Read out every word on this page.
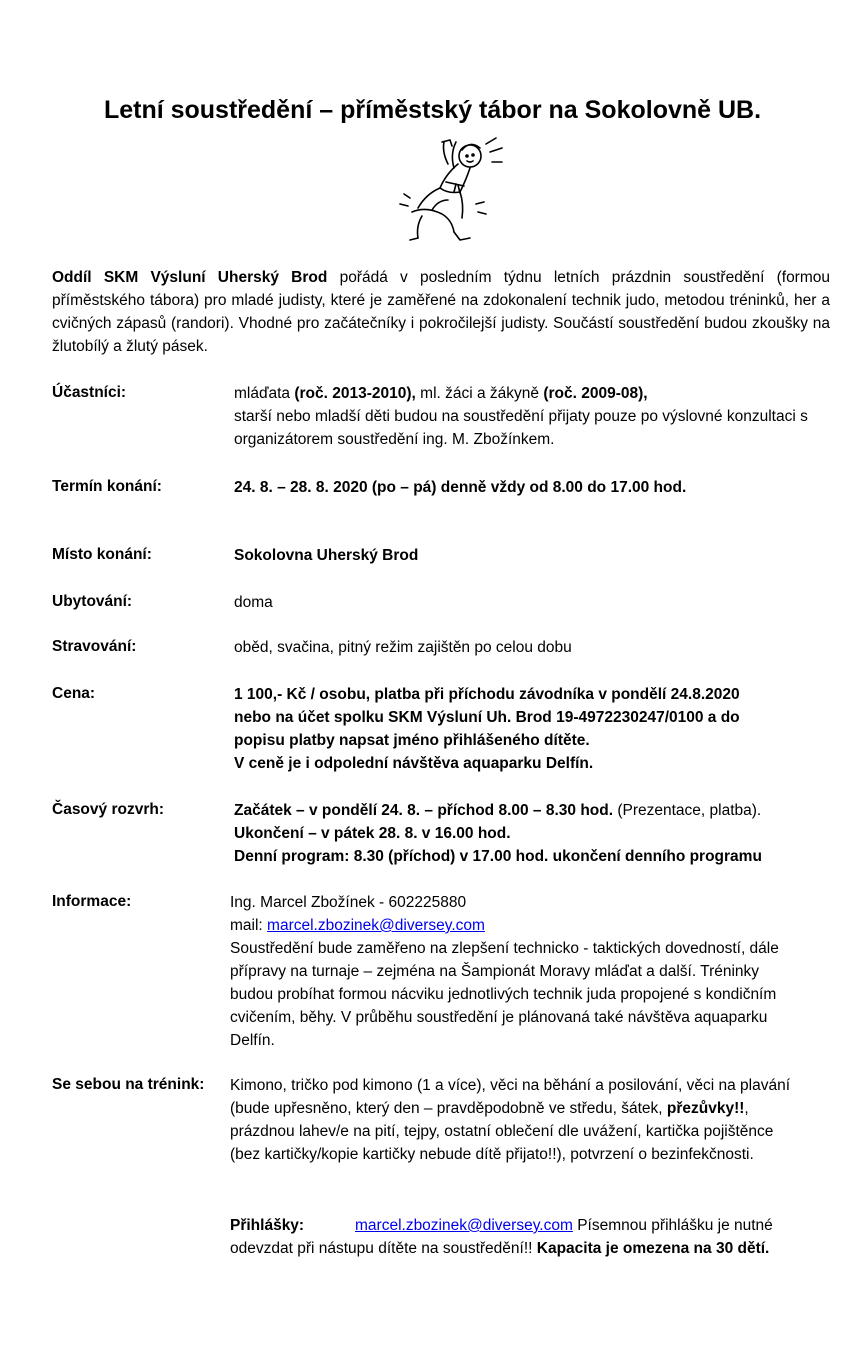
Letní soustředění – příměstský tábor na Sokolovně UB.
Oddíl SKM Výsluní Uherský Brod pořádá v posledním týdnu letních prázdnin soustředění (formou příměstského tábora) pro mladé judisty, které je zaměřené na zdokonalení technik judo, metodou tréninků, her a cvičných zápasů (randori). Vhodné pro začátečníky i pokročilejší judisty. Součástí soustředění budou zkoušky na žlutobílý a žlutý pásek.
Účastníci:	mláďata (roč. 2013-2010), ml. žáci a žákyně (roč. 2009-08),
starší nebo mladší děti budou na soustředění přijaty pouze po výslovné konzultaci s organizátorem soustředění ing. M. Zbožínkem.
Termín konání:	24. 8. – 28. 8. 2020 (po – pá) denně vždy od 8.00 do 17.00 hod.
Místo konání:	Sokolovna Uherský Brod
Ubytování:	doma
Stravování:	oběd, svačina, pitný režim zajištěn po celou dobu
Cena:	1 100,- Kč / osobu, platba při příchodu závodníka v pondělí 24.8.2020
nebo na účet spolku SKM Výsluní Uh. Brod 19-4972230247/0100 a do
popisu platby napsat jméno přihlášeného dítěte.
V ceně je i odpolední návštěva aquaparku Delfín.
Časový rozvrh:	Začátek – v pondělí 24. 8. – příchod 8.00 – 8.30 hod. (Prezentace, platba).
Ukončení – v pátek 28. 8. v 16.00 hod.
Denní program: 8.30 (příchod) v 17.00 hod. ukončení denního programu
Informace:	Ing. Marcel Zbožínek - 602225880
mail: marcel.zbozinek@diversey.com
Soustředění bude zaměřeno na zlepšení technicko - taktických dovedností, dále přípravy na turnaje – zejména na Šampionát Moravy mláďat a další. Tréninky budou probíhat formou nácviku jednotlivých technik juda propojené s kondičním cvičením, běhy. V průběhu soustředění je plánovaná také návštěva aquaparku Delfín.
Se sebou na trénink: Kimono, tričko pod kimono (1 a více), věci na běhání a posilování, věci na plavání (bude upřesněno, který den – pravděpodobně ve středu, šátek, přezůvky!!, prázdnou lahev/e na pití, tejpy, ostatní oblečení dle uvážení, kartička pojištěnce (bez kartičky/kopie kartičky nebude dítě přijato!!), potvrzení o bezinfekčnosti.
Přihlášky:	marcel.zbozinek@diversey.com Písemnou přihlášku je nutné odevzdat při nástupu dítěte na soustředění!! Kapacita je omezena na 30 dětí.
